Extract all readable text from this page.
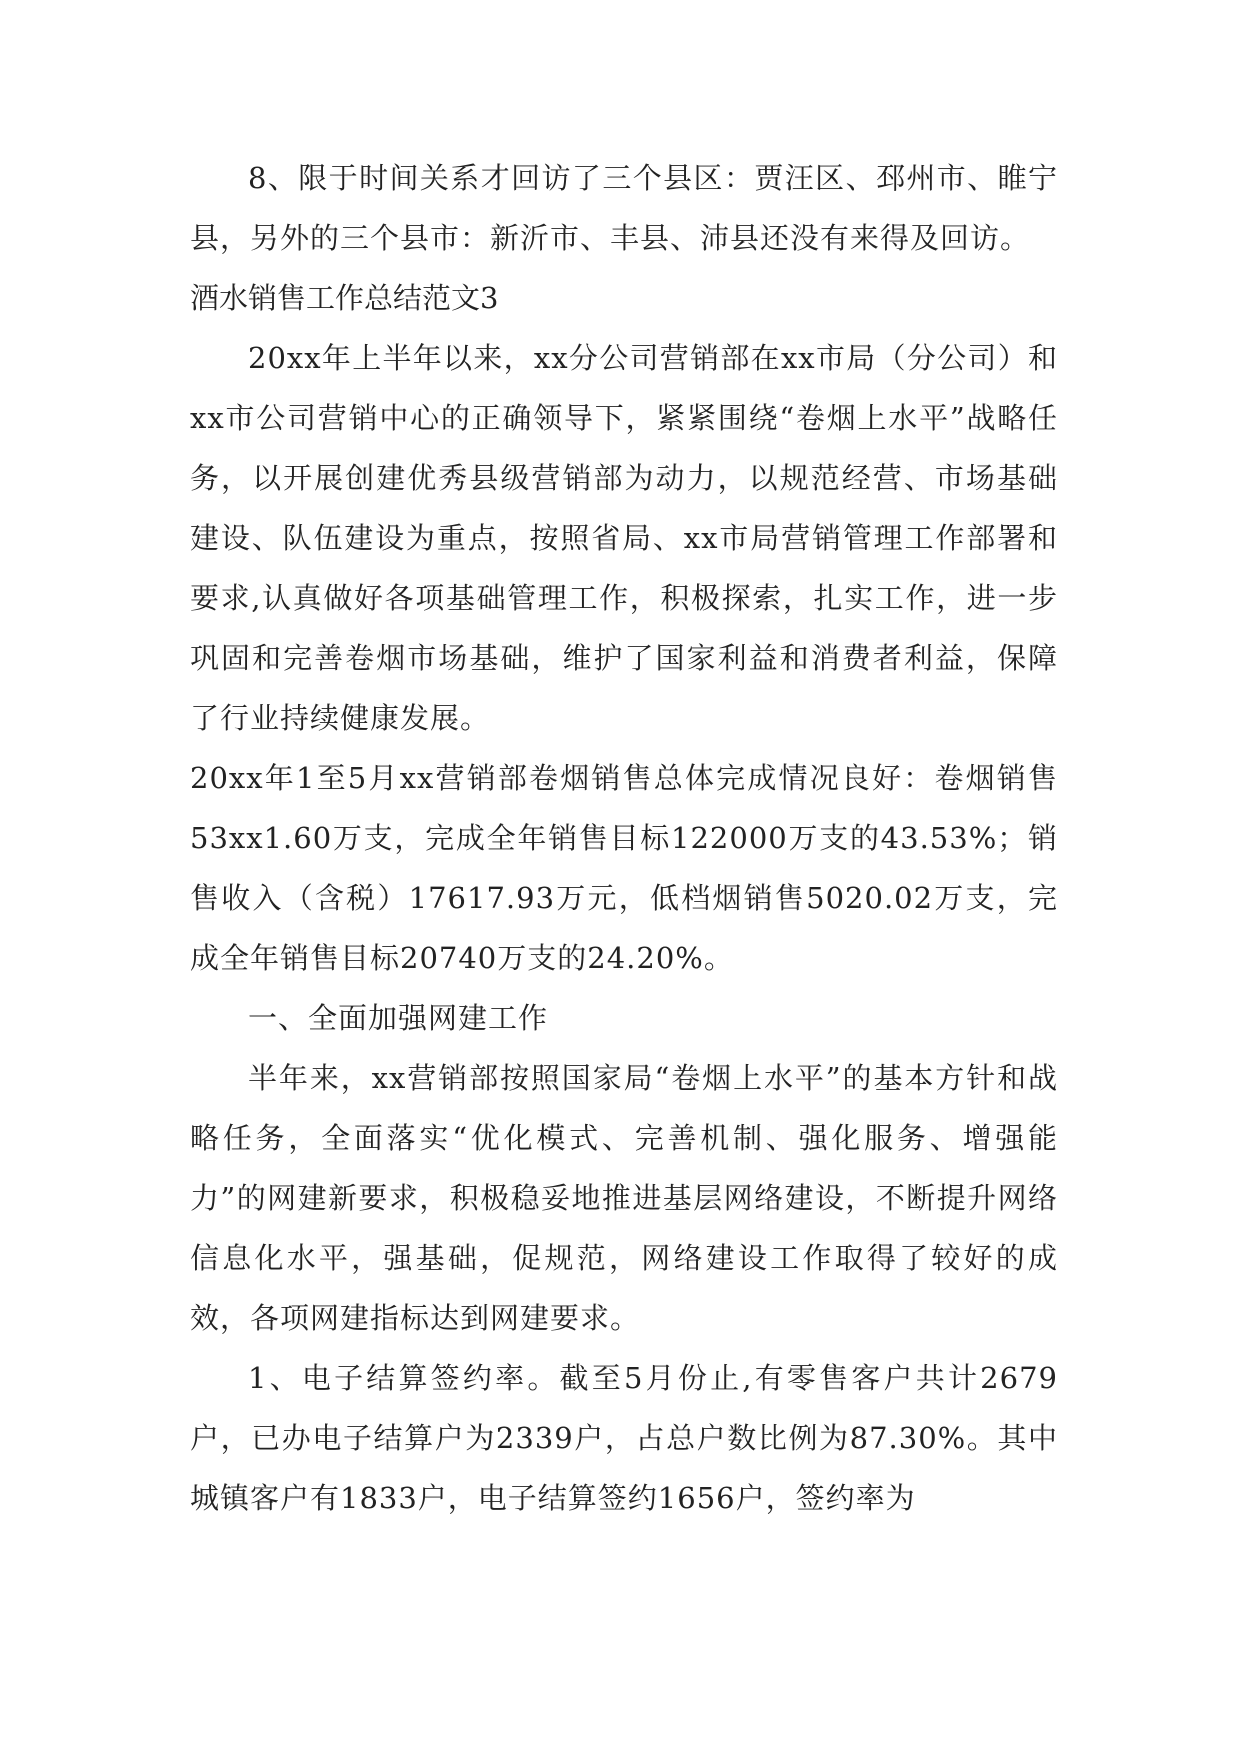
8、限于时间关系才回访了三个县区：贾汪区、邳州市、睢宁县，另外的三个县市：新沂市、丰县、沛县还没有来得及回访。

酒水销售工作总结范文3

20xx年上半年以来，xx分公司营销部在xx市局（分公司）和xx市公司营销中心的正确领导下，紧紧围绕“卷烟上水平”战略任务，以开展创建优秀县级营销部为动力，以规范经营、市场基础建设、队伍建设为重点，按照省局、xx市局营销管理工作部署和要求,认真做好各项基础管理工作，积极探索，扎实工作，进一步巩固和完善卷烟市场基础，维护了国家利益和消费者利益，保障了行业持续健康发展。

20xx年1至5月xx营销部卷烟销售总体完成情况良好：卷烟销售53xx1.60万支，完成全年销售目标122000万支的43.53%；销售收入（含税）17617.93万元，低档烟销售5020.02万支，完成全年销售目标20740万支的24.20%。

一、全面加强网建工作

半年来，xx营销部按照国家局“卷烟上水平”的基本方针和战略任务，全面落实“优化模式、完善机制、强化服务、增强能力”的网建新要求，积极稳妥地推进基层网络建设，不断提升网络信息化水平，强基础，促规范，网络建设工作取得了较好的成效，各项网建指标达到网建要求。

1、电子结算签约率。截至5月份止,有零售客户共计2679户，已办电子结算户为2339户，占总户数比例为87.30%。其中城镇客户有1833户，电子结算签约1656户，签约率为
